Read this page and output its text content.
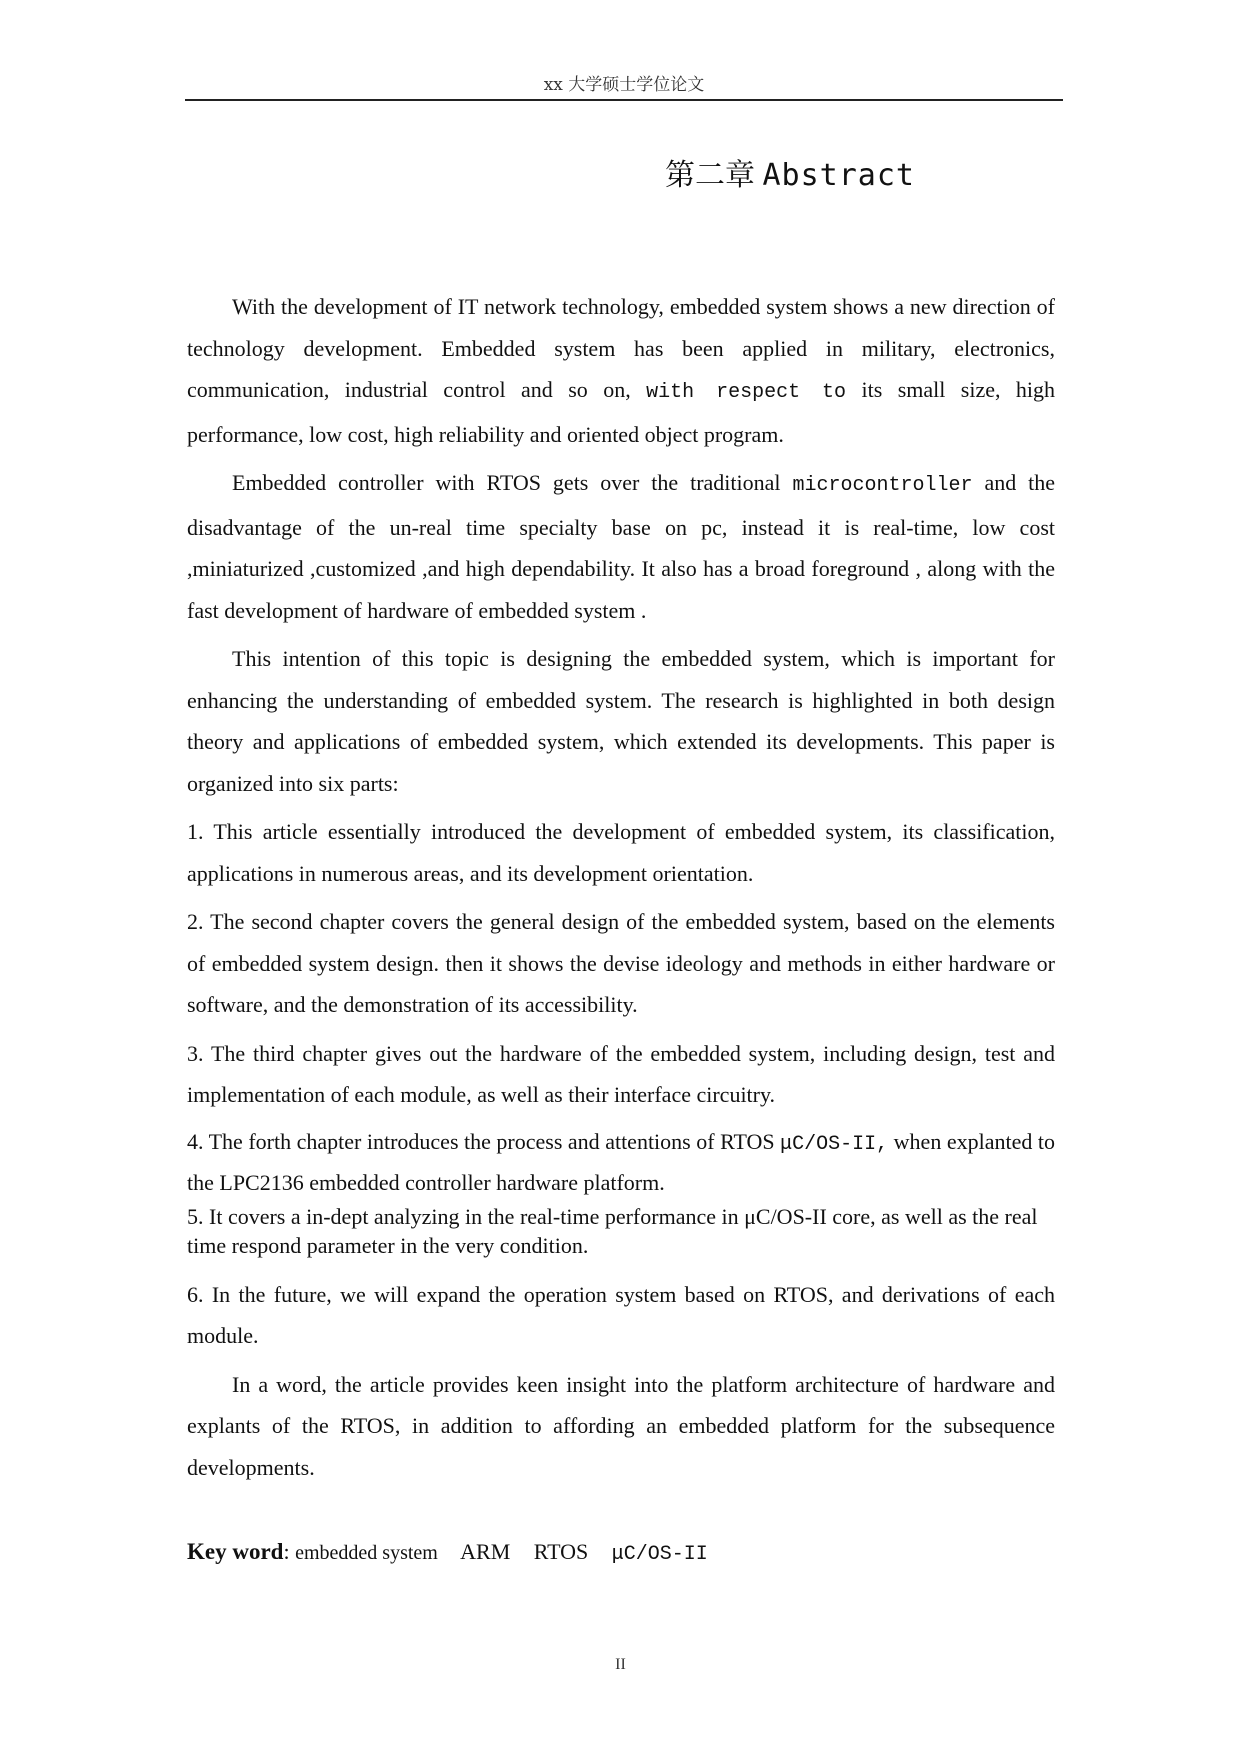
xx 大学硕士学位论文
第二章 Abstract

With the development of IT network technology, embedded system shows a new direction of technology development. Embedded system has been applied in military, electronics, communication, industrial control and so on, with respect to its small size, high performance, low cost, high reliability and oriented object program.

Embedded controller with RTOS gets over the traditional microcontroller and the disadvantage of the un-real time specialty base on pc, instead it is real-time, low cost ,miniaturized ,customized ,and high dependability. It also has a broad foreground , along with the fast development of hardware of embedded system .

This intention of this topic is designing the embedded system, which is important for enhancing the understanding of embedded system. The research is highlighted in both design theory and applications of embedded system, which extended its developments. This paper is organized into six parts:

1. This article essentially introduced the development of embedded system, its classification, applications in numerous areas, and its development orientation.

2. The second chapter covers the general design of the embedded system, based on the elements of embedded system design. then it shows the devise ideology and methods in either hardware or software, and the demonstration of its accessibility.

3. The third chapter gives out the hardware of the embedded system, including design, test and implementation of each module, as well as their interface circuitry.

4. The forth chapter introduces the process and attentions of RTOS μC/OS-II, when explanted to the LPC2136 embedded controller hardware platform.

5. It covers a in-dept analyzing in the real-time performance in μC/OS-II core, as well as the real time respond parameter in the very condition.

6. In the future, we will expand the operation system based on RTOS, and derivations of each module.

In a word, the article provides keen insight into the platform architecture of hardware and explants of the RTOS, in addition to affording an embedded platform for the subsequence developments.

Key word: embedded system ARM RTOS μC/OS-II
II
